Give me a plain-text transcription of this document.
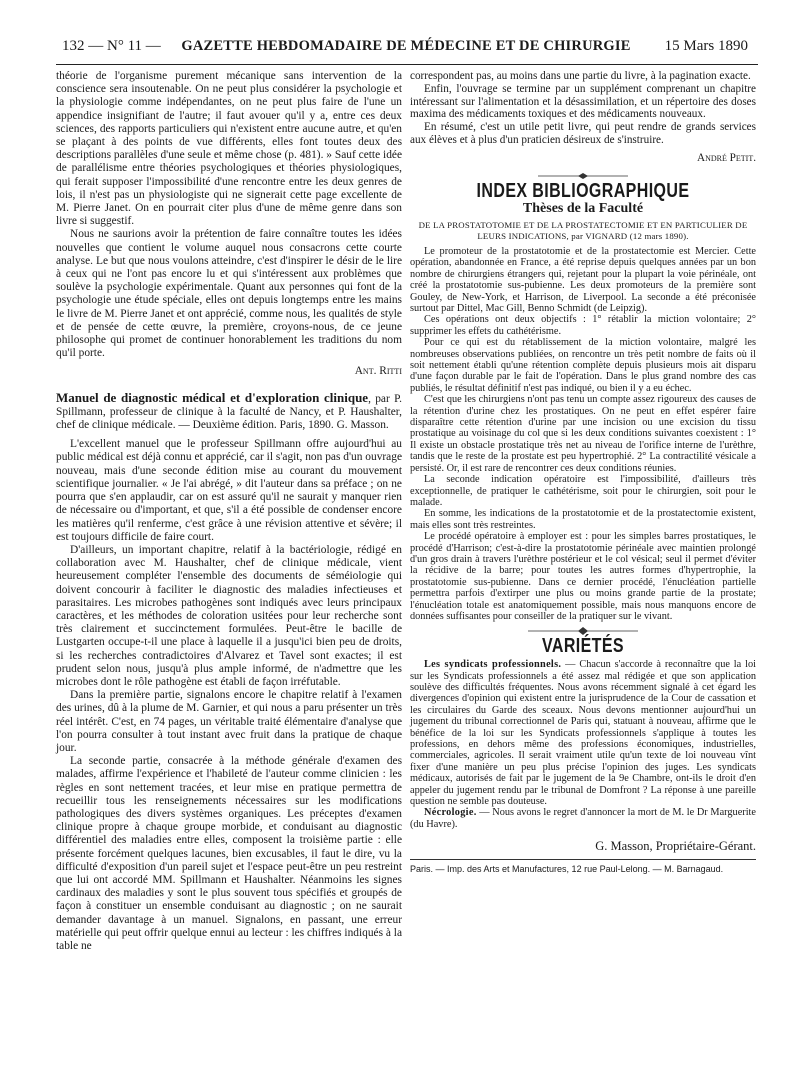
132 — N° 11 —	GAZETTE HEBDOMADAIRE DE MÉDECINE ET DE CHIRURGIE	15 Mars 1890

théorie de l'organisme purement mécanique sans intervention de la conscience sera insoutenable. On ne peut plus considérer la psychologie et la physiologie comme indépendantes, on ne peut plus faire de l'une un appendice insignifiant de l'autre; il faut avouer qu'il y a, entre ces deux sciences, des rapports particuliers qui n'existent entre aucune autre, et qu'en se plaçant à des points de vue différents, elles font toutes deux des descriptions parallèles d'une seule et même chose (p. 481). » Sauf cette idée de parallélisme entre théories psychologiques et théories physiologiques, qui ferait supposer l'impossibilité d'une rencontre entre les deux genres de lois, il n'est pas un physiologiste qui ne signerait cette page excellente de M. Pierre Janet. On en pourrait citer plus d'une de même genre dans son livre si suggestif.

Nous ne saurions avoir la prétention de faire connaître toutes les idées nouvelles que contient le volume auquel nous consacrons cette courte analyse. Le but que nous voulons atteindre, c'est d'inspirer le désir de le lire à ceux qui ne l'ont pas encore lu et qui s'intéressent aux problèmes que soulève la psychologie expérimentale. Quant aux personnes qui font de la psychologie une étude spéciale, elles ont depuis longtemps entre les mains le livre de M. Pierre Janet et ont apprécié, comme nous, les qualités de style et de pensée de cette œuvre, la première, croyons-nous, de ce jeune philosophe qui promet de continuer honorablement les traditions du nom qu'il porte.

Ant. Ritti

Manuel de diagnostic médical et d'exploration clinique, par P. Spillmann, professeur de clinique à la faculté de Nancy, et P. Haushalter, chef de clinique médicale. — Deuxième édition. Paris, 1890. G. Masson.

L'excellent manuel que le professeur Spillmann offre aujourd'hui au public médical est déjà connu et apprécié, car il s'agit, non pas d'un ouvrage nouveau, mais d'une seconde édition mise au courant du mouvement scientifique journalier. « Je l'ai abrégé, » dit l'auteur dans sa préface ; on ne pourra que s'en applaudir, car on est assuré qu'il ne saurait y manquer rien de nécessaire ou d'important, et que, s'il a été possible de condenser encore les matières qu'il renferme, c'est grâce à une révision attentive et sévère; il est toujours difficile de faire court.

D'ailleurs, un important chapitre, relatif à la bactériologie, rédigé en collaboration avec M. Haushalter, chef de clinique médicale, vient heureusement compléter l'ensemble des documents de séméiologie qui doivent concourir à faciliter le diagnostic des maladies infectieuses et parasitaires. Les microbes pathogènes sont indiqués avec leurs principaux caractères, et les méthodes de coloration usitées pour leur recherche sont très clairement et succinctement formulées. Peut-être le bacille de Lustgarten occupe-t-il une place à laquelle il a jusqu'ici bien peu de droits, si les recherches contradictoires d'Alvarez et Tavel sont exactes; il est prudent selon nous, jusqu'à plus ample informé, de n'admettre que les microbes dont le rôle pathogène est établi de façon irréfutable.

Dans la première partie, signalons encore le chapitre relatif à l'examen des urines, dû à la plume de M. Garnier, et qui nous a paru présenter un très réel intérêt. C'est, en 74 pages, un véritable traité élémentaire d'analyse que l'on pourra consulter à tout instant avec fruit dans la pratique de chaque jour.

La seconde partie, consacrée à la méthode générale d'examen des malades, affirme l'expérience et l'habileté de l'auteur comme clinicien : les règles en sont nettement tracées, et leur mise en pratique permettra de recueillir tous les renseignements nécessaires sur les modifications pathologiques des divers systèmes organiques. Les préceptes d'examen clinique propre à chaque groupe morbide, et conduisant au diagnostic différentiel des maladies entre elles, composent la troisième partie : elle présente forcément quelques lacunes, bien excusables, il faut le dire, vu la difficulté d'exposition d'un pareil sujet et l'espace peut-être un peu restreint que lui ont accordé MM. Spillmann et Haushalter. Néanmoins les signes cardinaux des maladies y sont le plus souvent tous spécifiés et groupés de façon à constituer un ensemble conduisant au diagnostic ; on ne saurait demander davantage à un manuel. Signalons, en passant, une erreur matérielle qui peut offrir quelque ennui au lecteur : les chiffres indiqués à la table ne

correspondent pas, au moins dans une partie du livre, à la pagination exacte.

Enfin, l'ouvrage se termine par un supplément comprenant un chapitre intéressant sur l'alimentation et la désassimilation, et un répertoire des doses maxima des médicaments toxiques et des médicaments nouveaux.

En résumé, c'est un utile petit livre, qui peut rendre de grands services aux élèves et à plus d'un praticien désireux de s'instruire.

André Petit.
INDEX BIBLIOGRAPHIQUE
Thèses de la Faculté
DE LA PROSTATOTOMIE ET DE LA PROSTATECTOMIE ET EN PARTICULIER DE LEURS INDICATIONS, par VIGNARD (12 mars 1890).

Le promoteur de la prostatotomie et de la prostatectomie est Mercier. Cette opération, abandonnée en France, a été reprise depuis quelques années par un bon nombre de chirurgiens étrangers qui, rejetant pour la plupart la voie périnéale, ont créé la prostatotomie sus-pubienne. Les deux promoteurs de la première sont Gouley, de New-York, et Harrison, de Liverpool. La seconde a été préconisée surtout par Dittel, Mac Gill, Benno Schmidt (de Leipzig).

Ces opérations ont deux objectifs : 1° rétablir la miction volontaire; 2° supprimer les effets du cathétérisme.

Pour ce qui est du rétablissement de la miction volontaire, malgré les nombreuses observations publiées, on rencontre un très petit nombre de faits où il soit nettement établi qu'une rétention complète depuis plusieurs mois ait disparu d'une façon durable par le fait de l'opération. Dans le plus grand nombre des cas publiés, le résultat définitif n'est pas indiqué, ou bien il y a eu échec.

C'est que les chirurgiens n'ont pas tenu un compte assez rigoureux des causes de la rétention d'urine chez les prostatiques. On ne peut en effet espérer faire disparaître cette rétention d'urine par une incision ou une excision du tissu prostatique au voisinage du col que si les deux conditions suivantes coexistent : 1° Il existe un obstacle prostatique très net au niveau de l'orifice interne de l'urèthre, tandis que le reste de la prostate est peu hypertrophié. 2° La contractilité vésicale a persisté. Or, il est rare de rencontrer ces deux conditions réunies.

La seconde indication opératoire est l'impossibilité, d'ailleurs très exceptionnelle, de pratiquer le cathétérisme, soit pour le chirurgien, soit pour le malade.

En somme, les indications de la prostatotomie et de la prostatectomie existent, mais elles sont très restreintes.

Le procédé opératoire à employer est : pour les simples barres prostatiques, le procédé d'Harrison; c'est-à-dire la prostatotomie périnéale avec maintien prolongé d'un gros drain à travers l'urèthre postérieur et le col vésical; seul il permet d'éviter la récidive de la barre; pour toutes les autres formes d'hypertrophie, la prostatotomie sus-pubienne. Dans ce dernier procédé, l'énucléation partielle permettra parfois d'extirper une plus ou moins grande partie de la prostate; l'énucléation totale est anatomiquement possible, mais nous manquons encore de données suffisantes pour conseiller de la pratiquer sur le vivant.

VARIÉTÉS

Les syndicats professionnels. — Chacun s'accorde à reconnaître que la loi sur les Syndicats professionnels a été assez mal rédigée et que son application soulève des difficultés fréquentes. Nous avons récemment signalé à cet égard les divergences d'opinion qui existent entre la jurisprudence de la Cour de cassation et les circulaires du Garde des sceaux. Nous devons mentionner aujourd'hui un jugement du tribunal correctionnel de Paris qui, statuant à nouveau, affirme que le bénéfice de la loi sur les Syndicats professionnels s'applique à toutes les professions, en dehors même des professions économiques, industrielles, commerciales, agricoles. Il serait vraiment utile qu'un texte de loi nouveau vînt fixer d'une manière un peu plus précise l'opinion des juges. Les syndicats médicaux, autorisés de fait par le jugement de la 9e Chambre, ont-ils le droit d'en appeler du jugement rendu par le tribunal de Domfront ? La réponse à une pareille question ne semble pas douteuse.

Nécrologie. — Nous avons le regret d'annoncer la mort de M. le Dr Marguerite (du Havre).

G. Masson, Propriétaire-Gérant.
Paris. — Imp. des Arts et Manufactures, 12 rue Paul-Lelong. — M. Barnagaud.
